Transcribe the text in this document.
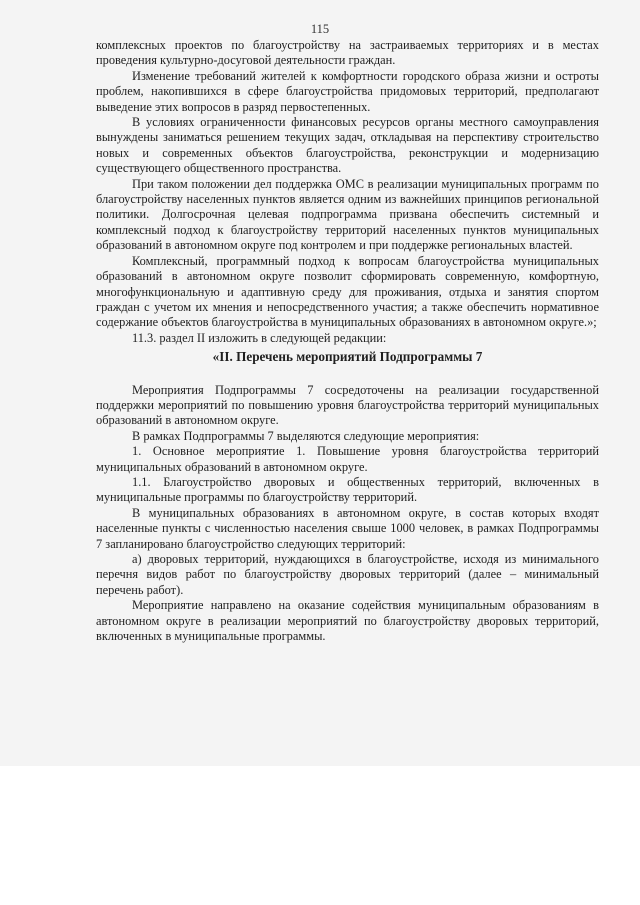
115

комплексных проектов по благоустройству на застраиваемых территориях и в местах проведения культурно-досуговой деятельности граждан.

Изменение требований жителей к комфортности городского образа жизни и остроты проблем, накопившихся в сфере благоустройства придомовых территорий, предполагают выведение этих вопросов в разряд первостепенных.

В условиях ограниченности финансовых ресурсов органы местного самоуправления вынуждены заниматься решением текущих задач, откладывая на перспективу строительство новых и современных объектов благоустройства, реконструкции и модернизацию существующего общественного пространства.

При таком положении дел поддержка ОМС в реализации муниципальных программ по благоустройству населенных пунктов является одним из важнейших принципов региональной политики. Долгосрочная целевая подпрограмма призвана обеспечить системный и комплексный подход к благоустройству территорий населенных пунктов муниципальных образований в автономном округе под контролем и при поддержке региональных властей.

Комплексный, программный подход к вопросам благоустройства муниципальных образований в автономном округе позволит сформировать современную, комфортную, многофункциональную и адаптивную среду для проживания, отдыха и занятия спортом граждан с учетом их мнения и непосредственного участия; а также обеспечить нормативное содержание объектов благоустройства в муниципальных образованиях в автономном округе.»;

11.3. раздел II изложить в следующей редакции:

«II. Перечень мероприятий Подпрограммы 7

Мероприятия Подпрограммы 7 сосредоточены на реализации государственной поддержки мероприятий по повышению уровня благоустройства территорий муниципальных образований в автономном округе.

В рамках Подпрограммы 7 выделяются следующие мероприятия:

1. Основное мероприятие 1. Повышение уровня благоустройства территорий муниципальных образований в автономном округе.

1.1. Благоустройство дворовых и общественных территорий, включенных в муниципальные программы по благоустройству территорий.

В муниципальных образованиях в автономном округе, в состав которых входят населенные пункты с численностью населения свыше 1000 человек, в рамках Подпрограммы 7 запланировано благоустройство следующих территорий:

а) дворовых территорий, нуждающихся в благоустройстве, исходя из минимального перечня видов работ по благоустройству дворовых территорий (далее – минимальный перечень работ).

Мероприятие направлено на оказание содействия муниципальным образованиям в автономном округе в реализации мероприятий по благоустройству дворовых территорий, включенных в муниципальные программы.
